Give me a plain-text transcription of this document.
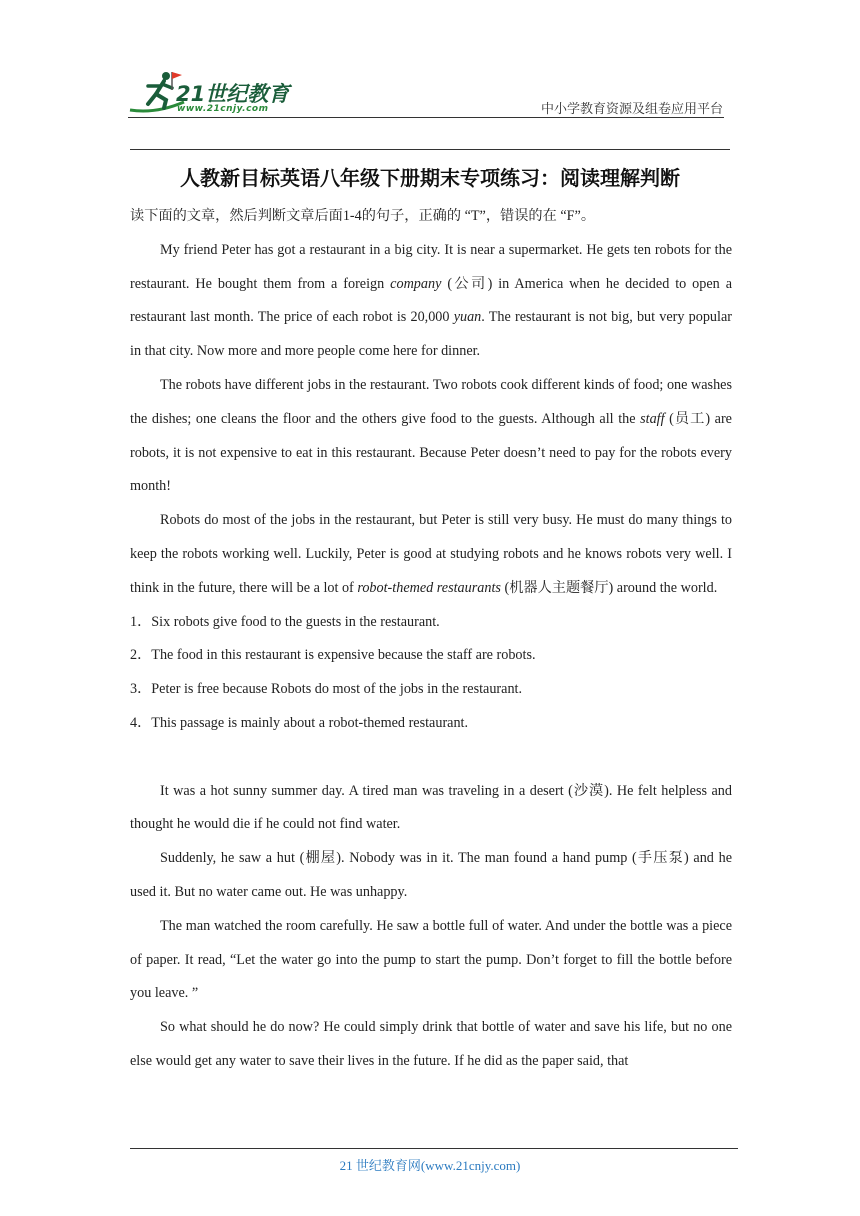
21世纪教育
www.21cnjy.com	中小学教育资源及组卷应用平台
人教新目标英语八年级下册期末专项练习：阅读理解判断

读下面的文章，然后判断文章后面1-4的句子，正确的 “T”，错误的在 “F”。

My friend Peter has got a restaurant in a big city. It is near a supermarket. He gets ten robots for the restaurant. He bought them from a foreign company (公司) in America when he decided to open a restaurant last month. The price of each robot is 20,000 yuan. The restaurant is not big, but very popular in that city. Now more and more people come here for dinner.

The robots have different jobs in the restaurant. Two robots cook different kinds of food; one washes the dishes; one cleans the floor and the others give food to the guests. Although all the staff (员工) are robots, it is not expensive to eat in this restaurant. Because Peter doesn’t need to pay for the robots every month!

Robots do most of the jobs in the restaurant, but Peter is still very busy. He must do many things to keep the robots working well. Luckily, Peter is good at studying robots and he knows robots very well. I think in the future, there will be a lot of robot-themed restaurants (机器人主题餐厅) around the world.

1．Six robots give food to the guests in the restaurant.

2．The food in this restaurant is expensive because the staff are robots.

3．Peter is free because Robots do most of the jobs in the restaurant.

4．This passage is mainly about a robot-themed restaurant.

It was a hot sunny summer day. A tired man was traveling in a desert (沙漠). He felt helpless and thought he would die if he could not find water.

Suddenly, he saw a hut (棚屋). Nobody was in it. The man found a hand pump (手压泵) and he used it. But no water came out. He was unhappy.

The man watched the room carefully. He saw a bottle full of water. And under the bottle was a piece of paper. It read, “Let the water go into the pump to start the pump. Don’t forget to fill the bottle before you leave. ”

So what should he do now? He could simply drink that bottle of water and save his life, but no one else would get any water to save their lives in the future. If he did as the paper said, that

21 世纪教育网(www.21cnjy.com)
